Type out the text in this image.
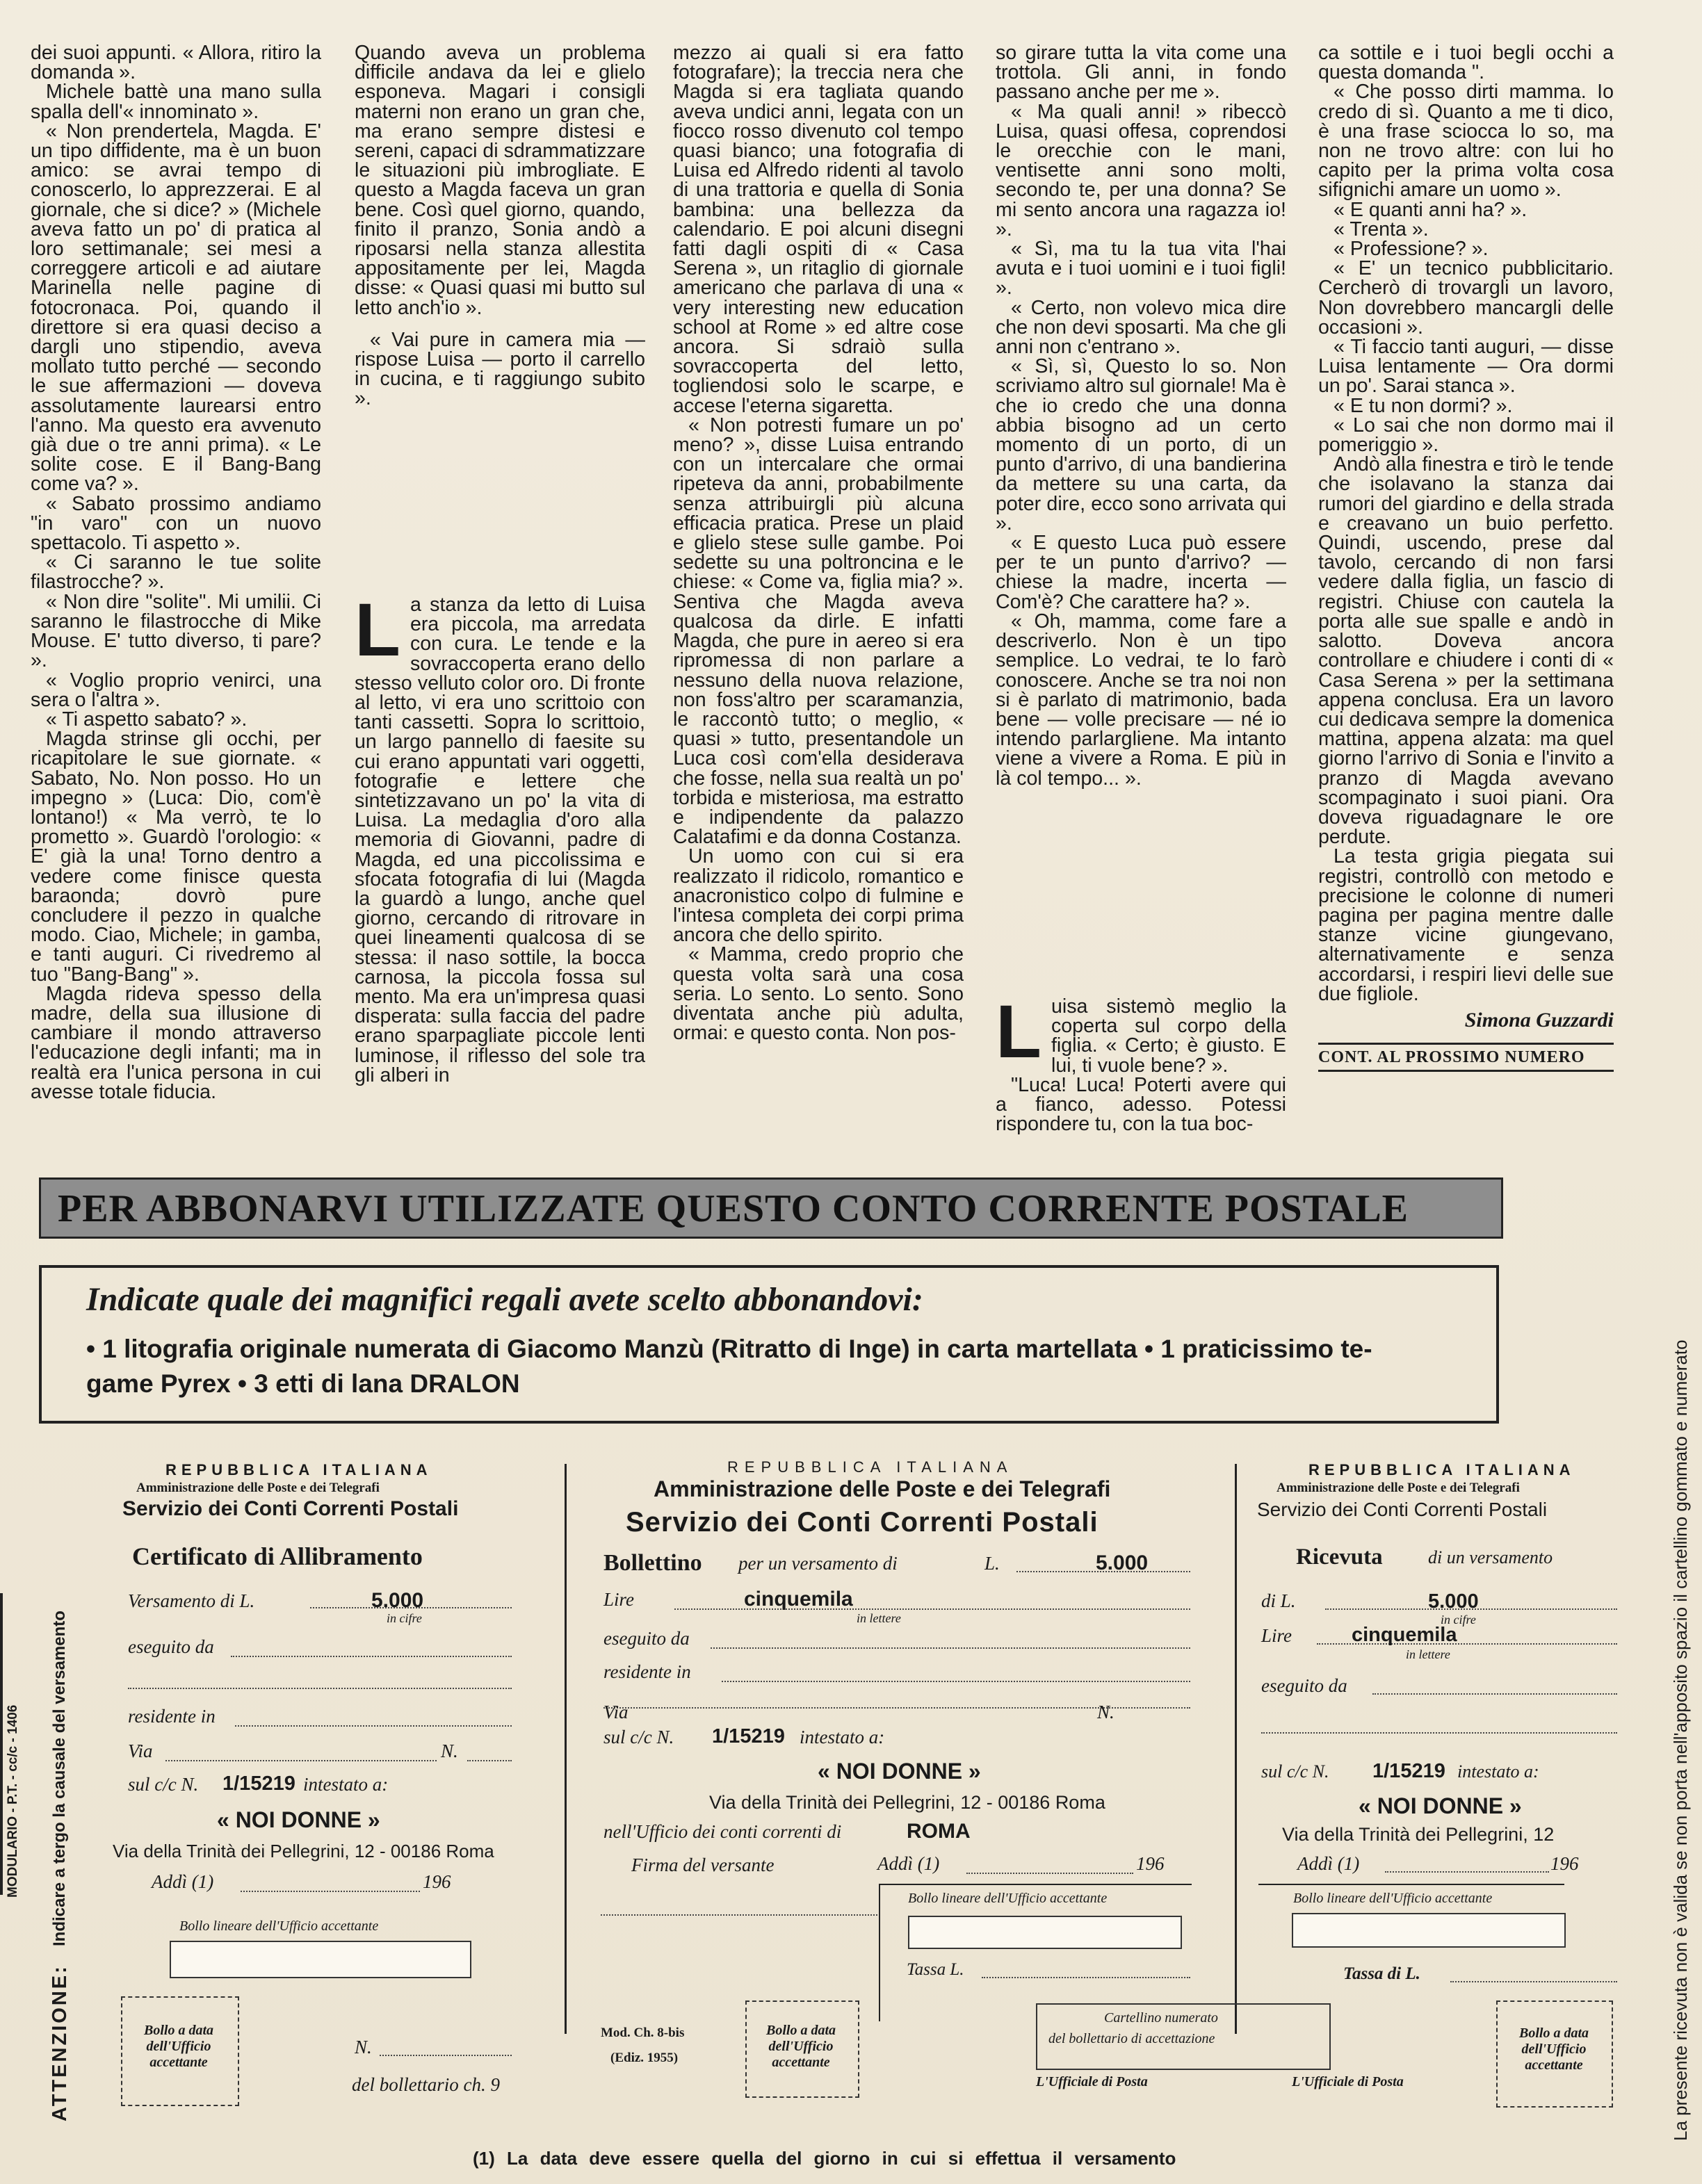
dei suoi appunti. « Allora, ritiro la domanda ».

Michele battè una mano sulla spalla dell'« innominato ».

« Non prendertela, Magda. E' un tipo diffidente, ma è un buon amico: se avrai tempo di conoscerlo, lo apprezzerai. E al giornale, che si dice? » (Michele aveva fatto un po' di pratica al loro settimanale; sei mesi a correggere articoli e ad aiutare Marinella nelle pagine di fotocronaca. Poi, quando il direttore si era quasi deciso a dargli uno stipendio, aveva mollato tutto perché — secondo le sue affermazioni — doveva assolutamente laurearsi entro l'anno. Ma questo era avvenuto già due o tre anni prima). « Le solite cose. E il Bang-Bang come va? ».

« Sabato prossimo andiamo "in varo" con un nuovo spettacolo. Ti aspetto ».

« Ci saranno le tue solite filastrocche? ».

« Non dire "solite". Mi umilii. Ci saranno le filastrocche di Mike Mouse. E' tutto diverso, ti pare? ».

« Voglio proprio venirci, una sera o l'altra ».

« Ti aspetto sabato? ».

Magda strinse gli occhi, per ricapitolare le sue giornate. « Sabato, No. Non posso. Ho un impegno » (Luca: Dio, com'è lontano!) « Ma verrò, te lo prometto ». Guardò l'orologio: « E' già la una! Torno dentro a vedere come finisce questa baraonda; dovrò pure concludere il pezzo in qualche modo. Ciao, Michele; in gamba, e tanti auguri. Ci rivedremo al tuo "Bang-Bang" ».

Magda rideva spesso della madre, della sua illusione di cambiare il mondo attraverso l'educazione degli infanti; ma in realtà era l'unica persona in cui avesse totale fiducia.

Quando aveva un problema difficile andava da lei e glielo esponeva. Magari i consigli materni non erano un gran che, ma erano sempre distesi e sereni, capaci di sdrammatizzare le situazioni più imbrogliate. E questo a Magda faceva un gran bene. Così quel giorno, quando, finito il pranzo, Sonia andò a riposarsi nella stanza allestita appositamente per lei, Magda disse: « Quasi quasi mi butto sul letto anch'io ».

« Vai pure in camera mia — rispose Luisa — porto il carrello in cucina, e ti raggiungo subito ».

L a stanza da letto di Luisa era piccola, ma arredata con cura. Le tende e la sovraccoperta erano dello stesso velluto color oro. Di fronte al letto, vi era uno scrittoio con tanti cassetti. Sopra lo scrittoio, un largo pannello di faesite su cui erano appuntati vari oggetti, fotografie e lettere che sintetizzavano un po' la vita di Luisa. La medaglia d'oro alla memoria di Giovanni, padre di Magda, ed una piccolissima e sfocata fotografia di lui (Magda la guardò a lungo, anche quel giorno, cercando di ritrovare in quei lineamenti qualcosa di se stessa: il naso sottile, la bocca carnosa, la piccola fossa sul mento. Ma era un'impresa quasi disperata: sulla faccia del padre erano sparpagliate piccole lenti luminose, il riflesso del sole tra gli alberi in

mezzo ai quali si era fatto fotografare); la treccia nera che Magda si era tagliata quando aveva undici anni, legata con un fiocco rosso divenuto col tempo quasi bianco; una fotografia di Luisa ed Alfredo ridenti al tavolo di una trattoria e quella di Sonia bambina: una bellezza da calendario. E poi alcuni disegni fatti dagli ospiti di « Casa Serena », un ritaglio di giornale americano che parlava di una « very interesting new education school at Rome » ed altre cose ancora. Si sdraiò sulla sovraccoperta del letto, togliendosi solo le scarpe, e accese l'eterna sigaretta.

« Non potresti fumare un po' meno? », disse Luisa entrando con un intercalare che ormai ripeteva da anni, probabilmente senza attribuirgli più alcuna efficacia pratica. Prese un plaid e glielo stese sulle gambe. Poi sedette su una poltroncina e le chiese: « Come va, figlia mia? ». Sentiva che Magda aveva qualcosa da dirle. E infatti Magda, che pure in aereo si era ripromessa di non parlare a nessuno della nuova relazione, non foss'altro per scaramanzia, le raccontò tutto; o meglio, « quasi » tutto, presentandole un Luca così com'ella desiderava che fosse, nella sua realtà un po' torbida e misteriosa, ma estratto e indipendente da palazzo Calatafimi e da donna Costanza.

Un uomo con cui si era realizzato il ridicolo, romantico e anacronistico colpo di fulmine e l'intesa completa dei corpi prima ancora che dello spirito.

« Mamma, credo proprio che questa volta sarà una cosa seria. Lo sento. Lo sento. Sono diventata anche più adulta, ormai: e questo conta. Non pos-

so girare tutta la vita come una trottola. Gli anni, in fondo passano anche per me ».

« Ma quali anni! » ribeccò Luisa, quasi offesa, coprendosi le orecchie con le mani, ventisette anni sono molti, secondo te, per una donna? Se mi sento ancora una ragazza io! ».

« Sì, ma tu la tua vita l'hai avuta e i tuoi uomini e i tuoi figli! ».

« Certo, non volevo mica dire che non devi sposarti. Ma che gli anni non c'entrano ».

« Sì, sì, Questo lo so. Non scriviamo altro sul giornale! Ma è che io credo che una donna abbia bisogno ad un certo momento di un porto, di un punto d'arrivo, di una bandierina da mettere su una carta, da poter dire, ecco sono arrivata qui ».

« E questo Luca può essere per te un punto d'arrivo? — chiese la madre, incerta — Com'è? Che carattere ha? ».

« Oh, mamma, come fare a descriverlo. Non è un tipo semplice. Lo vedrai, te lo farò conoscere. Anche se tra noi non si è parlato di matrimonio, bada bene — volle precisare — né io intendo parlargliene. Ma intanto viene a vivere a Roma. E più in là col tempo... ».

L uisa sistemò meglio la coperta sul corpo della figlia. « Certo; è giusto. E lui, ti vuole bene? ».

"Luca! Luca! Poterti avere qui a fianco, adesso. Potessi rispondere tu, con la tua boc-

ca sottile e i tuoi begli occhi a questa domanda ".

« Che posso dirti mamma. Io credo di sì. Quanto a me ti dico, è una frase sciocca lo so, ma non ne trovo altre: con lui ho capito per la prima volta cosa sifignichi amare un uomo ».

« E quanti anni ha? ».

« Trenta ».

« Professione? ».

« E' un tecnico pubblicitario. Cercherò di trovargli un lavoro, Non dovrebbero mancargli delle occasioni ».

« Ti faccio tanti auguri, — disse Luisa lentamente — Ora dormi un po'. Sarai stanca ».

« E tu non dormi? ».

« Lo sai che non dormo mai il pomeriggio ».

Andò alla finestra e tirò le tende che isolavano la stanza dai rumori del giardino e della strada e creavano un buio perfetto. Quindi, uscendo, prese dal tavolo, cercando di non farsi vedere dalla figlia, un fascio di registri. Chiuse con cautela la porta alle sue spalle e andò in salotto. Doveva ancora controllare e chiudere i conti di « Casa Serena » per la settimana appena conclusa. Era un lavoro cui dedicava sempre la domenica mattina, appena alzata: ma quel giorno l'arrivo di Sonia e l'invito a pranzo di Magda avevano scompaginato i suoi piani. Ora doveva riguadagnare le ore perdute.

La testa grigia piegata sui registri, controllò con metodo e precisione le colonne di numeri pagina per pagina mentre dalle stanze vicine giungevano, alternativamente e senza accordarsi, i respiri lievi delle sue due figliole.

Simona Guzzardi
CONT. AL PROSSIMO NUMERO
PER ABBONARVI UTILIZZATE QUESTO CONTO CORRENTE POSTALE
Indicate quale dei magnifici regali avete scelto abbonandovi:
• 1 litografia originale numerata di Giacomo Manzù (Ritratto di Inge) in carta martellata • 1 praticissimo te-
game Pyrex • 3 etti di lana DRALON
MODULARIO - P.T. - cc/c - 1406
ATTENZIONE:
Indicare a tergo la causale del versamento	La presente ricevuta non è valida se non porta nell'apposito spazio il cartellino gommato e numerato
REPUBBLICA ITALIANA
Amministrazione delle Poste e dei Telegrafi
Servizio dei Conti Correnti Postali
Certificato di Allibramento
Versamento di L.	5.000
in cifre
eseguito da
residente in
Via	N.
sul c/c N. 1/15219 intestato a:
« NOI DONNE »
Via della Trinità dei Pellegrini, 12 - 00186 Roma
Addì (1)	196
Bollo lineare dell'Ufficio accettante
Bollo a data dell'Ufficio accettante
N.
del bollettario ch. 9
REPUBBLICA ITALIANA
Amministrazione delle Poste e dei Telegrafi
Servizio dei Conti Correnti Postali
Bollettino per un versamento di	L.	5.000
Lire	cinquemila
in lettere
eseguito da
residente in
Via	N.
sul c/c N. 1/15219 intestato a:
« NOI DONNE »
Via della Trinità dei Pellegrini, 12 - 00186 Roma
nell'Ufficio dei conti correnti di	ROMA
Firma del versante	Addì (1)	196
Bollo lineare dell'Ufficio accettante
Tassa L.
Mod. Ch. 8-bis
(Ediz. 1955)
Bollo a data dell'Ufficio accettante
Cartellino numerato
del bollettario di accettazione
L'Ufficiale di Posta
REPUBBLICA ITALIANA
Amministrazione delle Poste e dei Telegrafi
Servizio dei Conti Correnti Postali
Ricevuta	di un versamento
di L.	5.000
in cifre
Lire	cinquemila
in lettere
eseguito da
sul c/c N. 1/15219 intestato a:
« NOI DONNE »
Via della Trinità dei Pellegrini, 12
Addì (1)	196
Bollo lineare dell'Ufficio accettante
Tassa di L.
L'Ufficiale di Posta
Bollo a data dell'Ufficio accettante
(1) La data deve essere quella del giorno in cui si effettua il versamento
